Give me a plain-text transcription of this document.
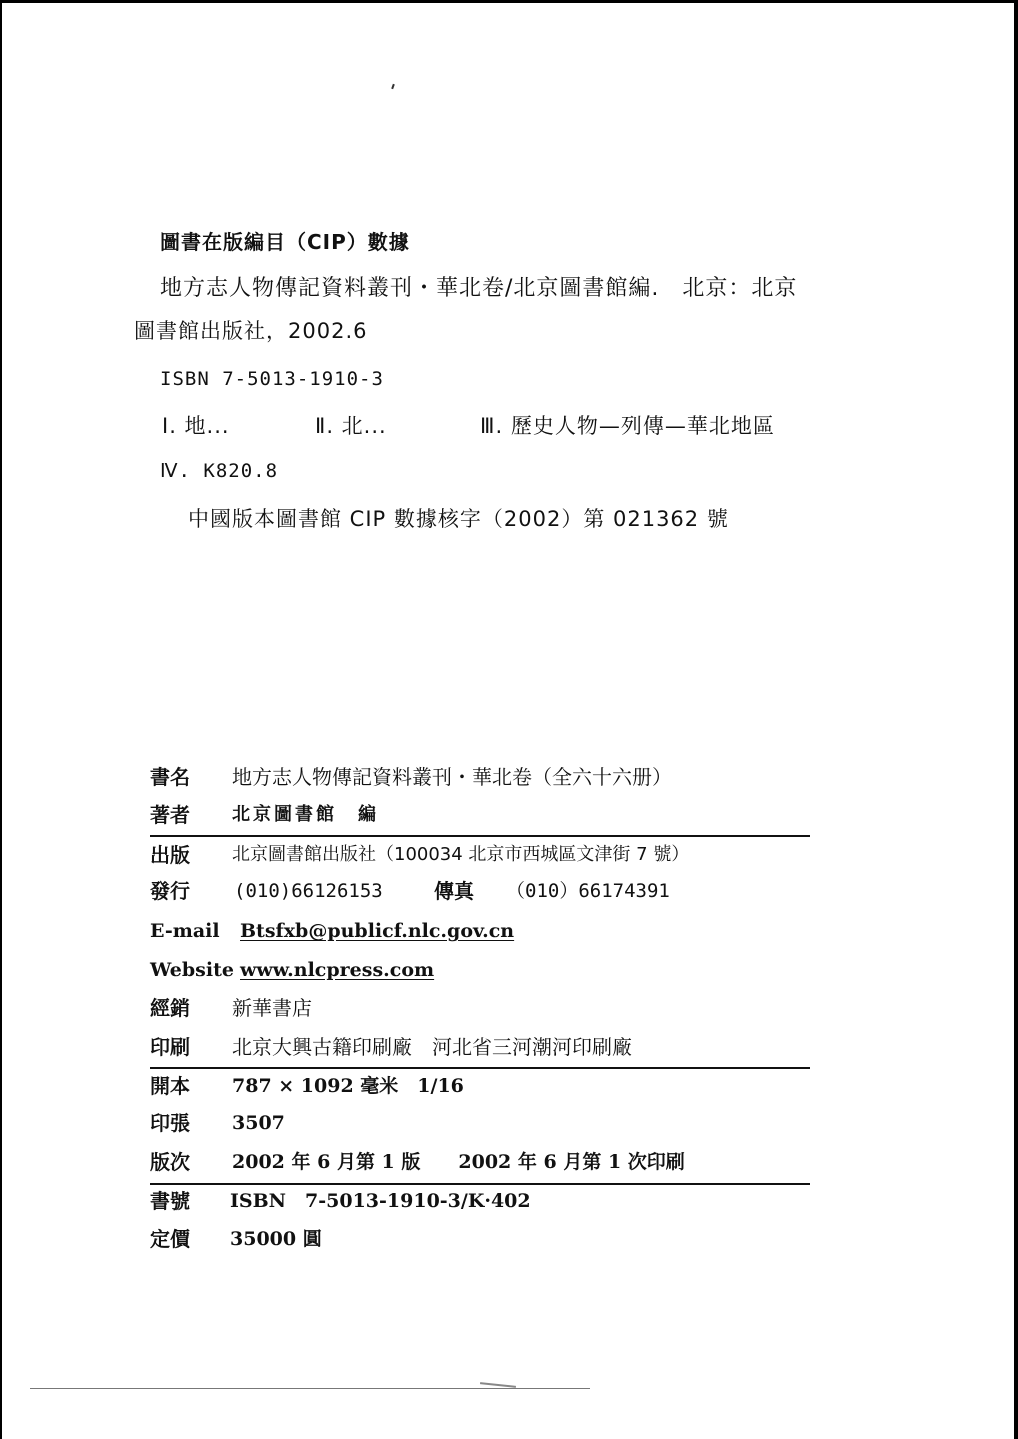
圖書在版編目（CIP）數據
地方志人物傳記資料叢刊・華北卷/北京圖書館編.　北京：北京
圖書館出版社，2002.6
ISBN 7-5013-1910-3
Ⅰ. 地...	Ⅱ. 北...	Ⅲ. 歷史人物—列傳—華北地區
Ⅳ. K820.8
中國版本圖書館 CIP 數據核字（2002）第 021362 號
書名 地方志人物傳記資料叢刊・華北卷（全六十六册）
著者 北京圖書館　編
出版 北京圖書館出版社（100034 北京市西城區文津街 7 號）
發行 (010)66126153	傳真 （010）66174391
E-mail Btsfxb@publicf.nlc.gov.cn
Website www.nlcpress.com
經銷 新華書店
印刷 北京大興古籍印刷廠　河北省三河潮河印刷廠
開本 787 × 1092 毫米　1/16
印張 3507
版次 2002 年 6 月第 1 版　　2002 年 6 月第 1 次印刷
書號 ISBN　7-5013-1910-3/K·402
定價 35000 圓
